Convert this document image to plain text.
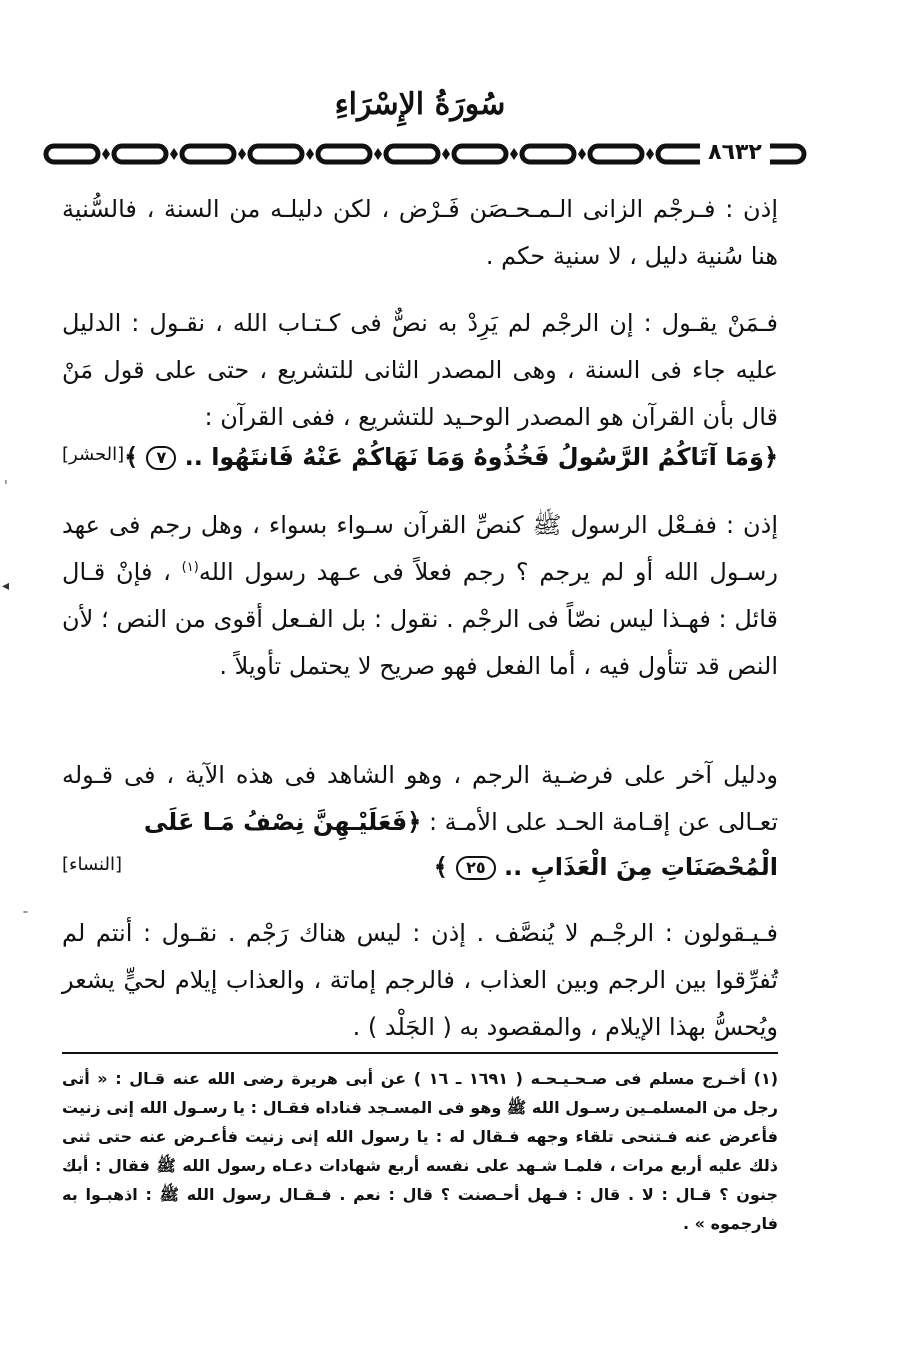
سُورَةُ الإِسْرَاءِ
٨٦٣٢

إذن : فـرجْم الزانى الـمـحـصَن فَـرْض ، لكن دليلـه من السنة ، فالسُّنية هنا سُنية دليل ، لا سنية حكم .

فـمَنْ يقـول : إن الرجْم لم يَرِدْ به نصٌّ فى كـتـاب الله ، نقـول : الدليل عليه جاء فى السنة ، وهى المصدر الثانى للتشريع ، حتى على قول مَنْ قال بأن القرآن هو المصدر الوحـيد للتشريع ، ففى القرآن :

﴿وَمَا آتَاكُمُ الرَّسُولُ فَخُذُوهُ وَمَا نَهَاكُمْ عَنْهُ فَانتَهُوا .. ٧ ﴾
[الحشر]

إذن : ففـعْل الرسول ﷺ كنصِّ القرآن سـواء بسواء ، وهل رجم فى عهد رسـول الله أو لم يرجم ؟ رجم فعلاً فى عـهد رسول الله$^{(١)}$ ، فإنْ قـال قائل : فهـذا ليس نصّاً فى الرجْم . نقول : بل الفـعل أقوى من النص ؛ لأن النص قد تتأول فيه ، أما الفعل فهو صريح لا يحتمل تأويلاً .

ودليل آخر على فرضـية الرجم ، وهو الشاهد فى هذه الآية ، فى قـوله تعـالى عن إقـامة الحـد على الأمـة : ﴿فَعَلَيْـهِنَّ نِصْفُ مَـا عَلَى

الْمُحْصَنَاتِ مِنَ الْعَذَابِ .. ٢٥ ﴾
[النساء]

فـيـقولون : الرجْـم لا يُنصَّف . إذن : ليس هناك رَجْم . نقـول : أنتم لم تُفرِّقوا بين الرجم وبين العذاب ، فالرجم إماتة ، والعذاب إيلام لحيٍّ يشعر ويُحسُّ بهذا الإيلام ، والمقصود به ( الجَلْد ) .

(١) أخـرج مسلم فى صـحـيـحـه ( ١٦٩١ ـ ١٦ ) عن أبى هريرة رضى الله عنه قـال : « أتى رجل من المسلمـين رسـول الله ﷺ وهو فى المسـجد فناداه فقـال : يا رسـول الله إنى زنيت فأعرض عنه فـتنحى تلقاء وجهه فـقال له : يا رسول الله إنى زنيت فأعـرض عنه حتى ثنى ذلك عليه أربع مرات ، فلمـا شـهد على نفسه أربع شهادات دعـاه رسول الله ﷺ فقال : أبك جنون ؟ قـال : لا . قال : فـهل أحـصنت ؟ قال : نعم . فـقـال رسول الله ﷺ : اذهبـوا به فارجموه » .

ˌ
◂
ˉ
